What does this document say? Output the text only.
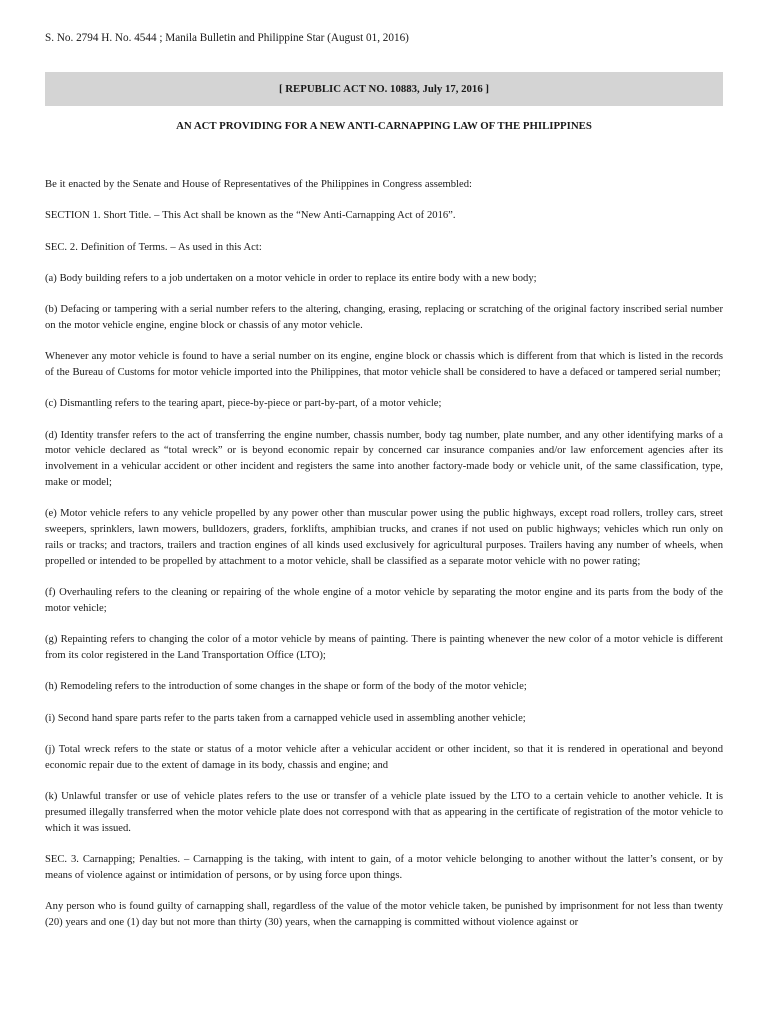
S. No. 2794 H. No. 4544 ; Manila Bulletin and Philippine Star (August 01, 2016)
[ REPUBLIC ACT NO. 10883, July 17, 2016 ]
AN ACT PROVIDING FOR A NEW ANTI-CARNAPPING LAW OF THE PHILIPPINES

Be it enacted by the Senate and House of Representatives of the Philippines in Congress assembled:

SECTION 1. Short Title. – This Act shall be known as the “New Anti-Carnapping Act of 2016”.

SEC. 2. Definition of Terms. – As used in this Act:

(a) Body building refers to a job undertaken on a motor vehicle in order to replace its entire body with a new body;

(b) Defacing or tampering with a serial number refers to the altering, changing, erasing, replacing or scratching of the original factory inscribed serial number on the motor vehicle engine, engine block or chassis of any motor vehicle.

Whenever any motor vehicle is found to have a serial number on its engine, engine block or chassis which is different from that which is listed in the records of the Bureau of Customs for motor vehicle imported into the Philippines, that motor vehicle shall be considered to have a defaced or tampered serial number;

(c) Dismantling refers to the tearing apart, piece-by-piece or part-by-part, of a motor vehicle;

(d) Identity transfer refers to the act of transferring the engine number, chassis number, body tag number, plate number, and any other identifying marks of a motor vehicle declared as “total wreck” or is beyond economic repair by concerned car insurance companies and/or law enforcement agencies after its involvement in a vehicular accident or other incident and registers the same into another factory-made body or vehicle unit, of the same classification, type, make or model;

(e) Motor vehicle refers to any vehicle propelled by any power other than muscular power using the public highways, except road rollers, trolley cars, street sweepers, sprinklers, lawn mowers, bulldozers, graders, forklifts, amphibian trucks, and cranes if not used on public highways; vehicles which run only on rails or tracks; and tractors, trailers and traction engines of all kinds used exclusively for agricultural purposes. Trailers having any number of wheels, when propelled or intended to be propelled by attachment to a motor vehicle, shall be classified as a separate motor vehicle with no power rating;

(f) Overhauling refers to the cleaning or repairing of the whole engine of a motor vehicle by separating the motor engine and its parts from the body of the motor vehicle;

(g) Repainting refers to changing the color of a motor vehicle by means of painting. There is painting whenever the new color of a motor vehicle is different from its color registered in the Land Transportation Office (LTO);

(h) Remodeling refers to the introduction of some changes in the shape or form of the body of the motor vehicle;

(i) Second hand spare parts refer to the parts taken from a carnapped vehicle used in assembling another vehicle;

(j) Total wreck refers to the state or status of a motor vehicle after a vehicular accident or other incident, so that it is rendered in operational and beyond economic repair due to the extent of damage in its body, chassis and engine; and

(k) Unlawful transfer or use of vehicle plates refers to the use or transfer of a vehicle plate issued by the LTO to a certain vehicle to another vehicle. It is presumed illegally transferred when the motor vehicle plate does not correspond with that as appearing in the certificate of registration of the motor vehicle to which it was issued.

SEC. 3. Carnapping; Penalties. – Carnapping is the taking, with intent to gain, of a motor vehicle belonging to another without the latter’s consent, or by means of violence against or intimidation of persons, or by using force upon things.

Any person who is found guilty of carnapping shall, regardless of the value of the motor vehicle taken, be punished by imprisonment for not less than twenty (20) years and one (1) day but not more than thirty (30) years, when the carnapping is committed without violence against or
